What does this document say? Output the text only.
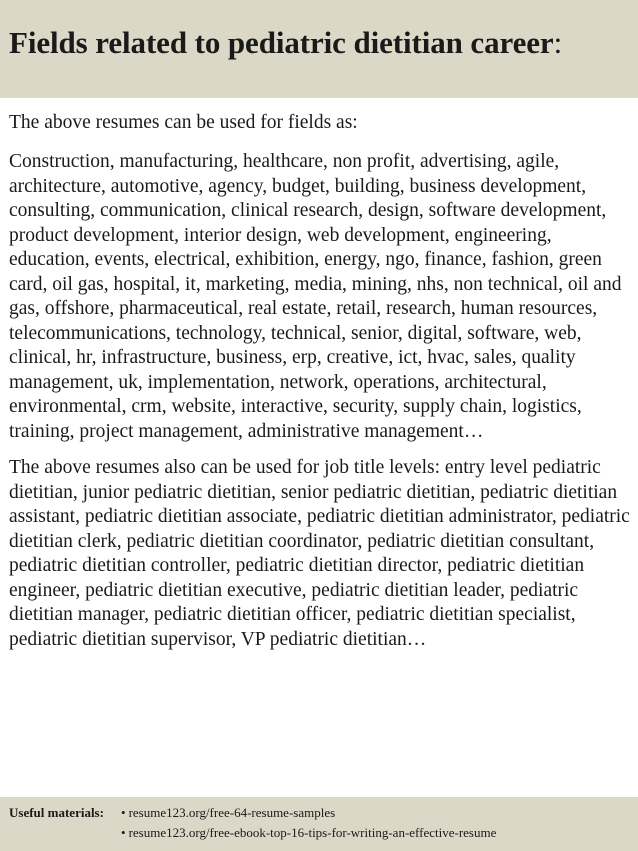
Fields related to pediatric dietitian career:

The above resumes can be used for fields as:

Construction, manufacturing, healthcare, non profit, advertising, agile, architecture, automotive, agency, budget, building, business development, consulting, communication, clinical research, design, software development, product development, interior design, web development, engineering, education, events, electrical, exhibition, energy, ngo, finance, fashion, green card, oil gas, hospital, it, marketing, media, mining, nhs, non technical, oil and gas, offshore, pharmaceutical, real estate, retail, research, human resources, telecommunications, technology, technical, senior, digital, software, web, clinical, hr, infrastructure, business, erp, creative, ict, hvac, sales, quality management, uk, implementation, network, operations, architectural, environmental, crm, website, interactive, security, supply chain, logistics, training, project management, administrative management…

The above resumes also can be used for job title levels: entry level pediatric dietitian, junior pediatric dietitian, senior pediatric dietitian, pediatric dietitian assistant, pediatric dietitian associate, pediatric dietitian administrator, pediatric dietitian clerk, pediatric dietitian coordinator, pediatric dietitian consultant, pediatric dietitian controller, pediatric dietitian director, pediatric dietitian engineer, pediatric dietitian executive, pediatric dietitian leader, pediatric dietitian manager, pediatric dietitian officer, pediatric dietitian specialist, pediatric dietitian supervisor, VP pediatric dietitian…

Useful materials: • resume123.org/free-64-resume-samples
• resume123.org/free-ebook-top-16-tips-for-writing-an-effective-resume
